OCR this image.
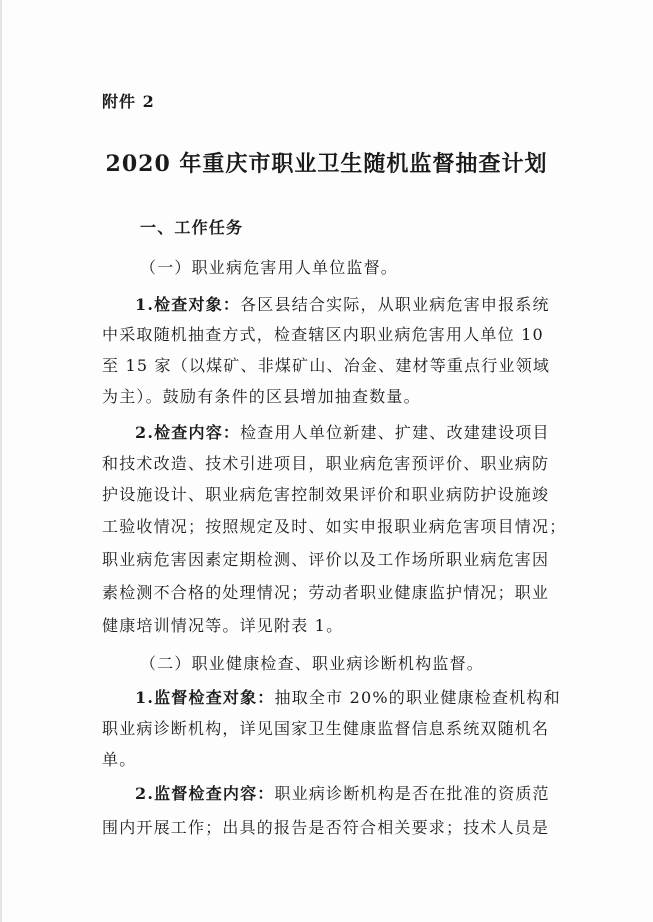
附件 2
2020 年重庆市职业卫生随机监督抽查计划
一、工作任务
（一）职业病危害用人单位监督。
1.检查对象：各区县结合实际，从职业病危害申报系统
中采取随机抽查方式，检查辖区内职业病危害用人单位 10
至 15 家（以煤矿、非煤矿山、冶金、建材等重点行业领域
为主）。鼓励有条件的区县增加抽查数量。
2.检查内容：检查用人单位新建、扩建、改建建设项目
和技术改造、技术引进项目，职业病危害预评价、职业病防
护设施设计、职业病危害控制效果评价和职业病防护设施竣
工验收情况；按照规定及时、如实申报职业病危害项目情况；
职业病危害因素定期检测、评价以及工作场所职业病危害因
素检测不合格的处理情况；劳动者职业健康监护情况；职业
健康培训情况等。详见附表 1。
（二）职业健康检查、职业病诊断机构监督。
1.监督检查对象：抽取全市 20%的职业健康检查机构和
职业病诊断机构，详见国家卫生健康监督信息系统双随机名
单。
2.监督检查内容：职业病诊断机构是否在批准的资质范
围内开展工作；出具的报告是否符合相关要求；技术人员是
